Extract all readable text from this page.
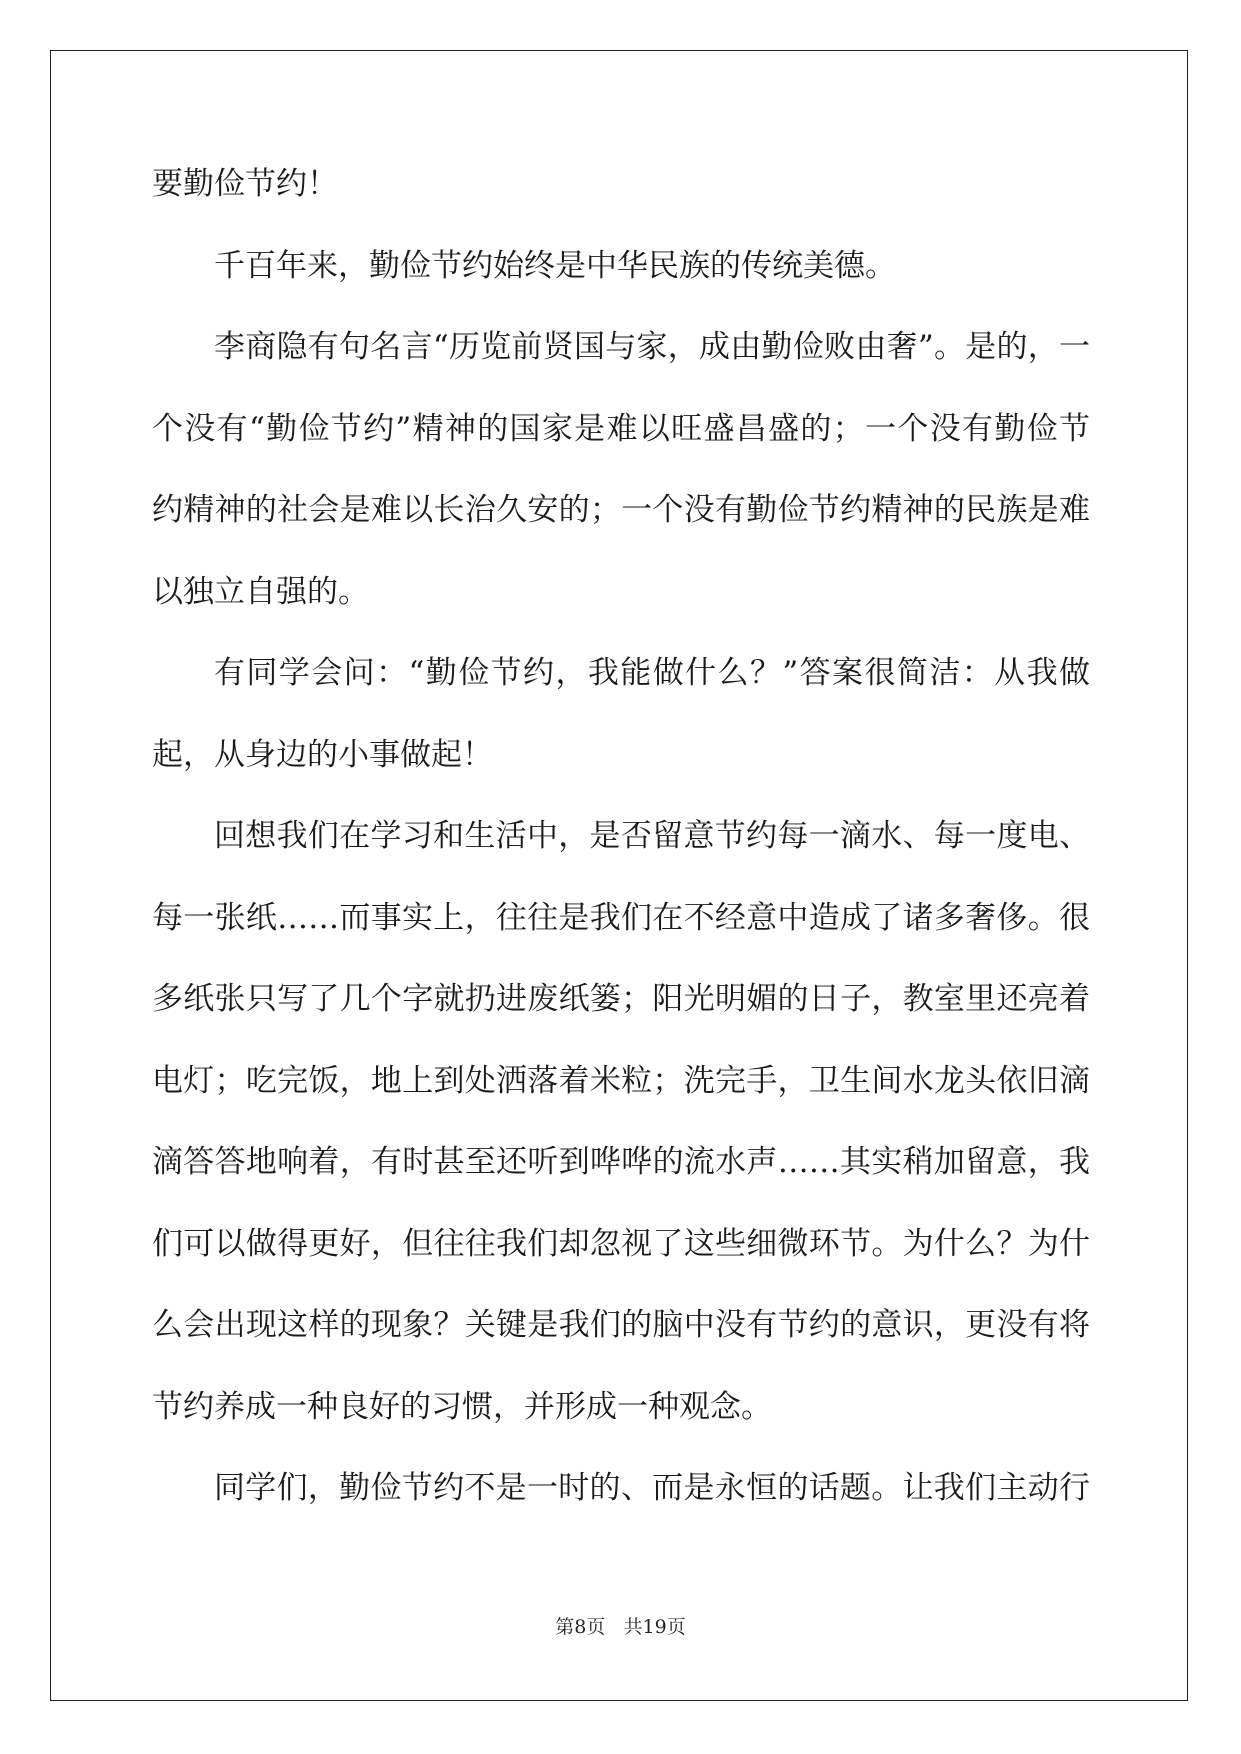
要勤俭节约！
千百年来，勤俭节约始终是中华民族的传统美德。
李商隐有句名言“历览前贤国与家，成由勤俭败由奢”。是的，一
个没有“勤俭节约”精神的国家是难以旺盛昌盛的；一个没有勤俭节
约精神的社会是难以长治久安的；一个没有勤俭节约精神的民族是难
以独立自强的。
有同学会问：“勤俭节约，我能做什么？”答案很简洁：从我做
起，从身边的小事做起！
回想我们在学习和生活中，是否留意节约每一滴水、每一度电、
每一张纸……而事实上，往往是我们在不经意中造成了诸多奢侈。很
多纸张只写了几个字就扔进废纸篓；阳光明媚的日子，教室里还亮着
电灯；吃完饭，地上到处洒落着米粒；洗完手，卫生间水龙头依旧滴
滴答答地响着，有时甚至还听到哗哗的流水声……其实稍加留意，我
们可以做得更好，但往往我们却忽视了这些细微环节。为什么？为什
么会出现这样的现象？关键是我们的脑中没有节约的意识，更没有将
节约养成一种良好的习惯，并形成一种观念。
同学们，勤俭节约不是一时的、而是永恒的话题。让我们主动行
第8页 共19页
